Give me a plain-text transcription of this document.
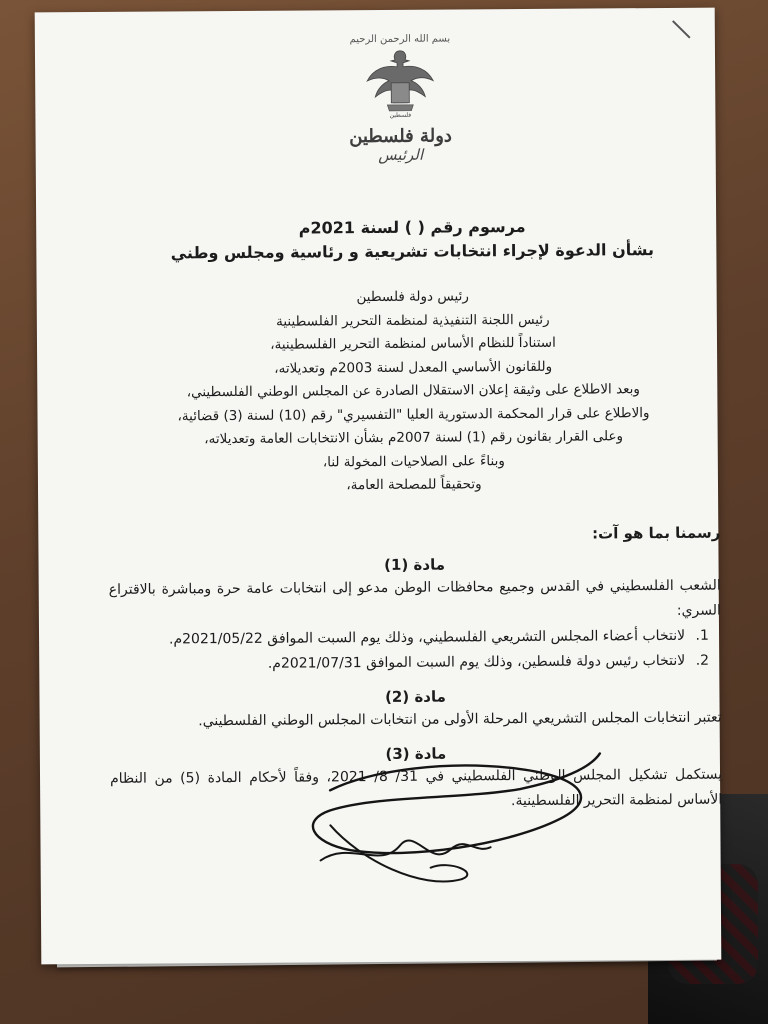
بسم الله الرحمن الرحيم
فلسطين
دولة فلسطين
الرئيس
مرسوم رقم ( ) لسنة 2021م
بشأن الدعوة لإجراء انتخابات تشريعية و رئاسية ومجلس وطني
رئيس دولة فلسطين
رئيس اللجنة التنفيذية لمنظمة التحرير الفلسطينية
استناداً للنظام الأساس لمنظمة التحرير الفلسطينية،
وللقانون الأساسي المعدل لسنة 2003م وتعديلاته،
وبعد الاطلاع على وثيقة إعلان الاستقلال الصادرة عن المجلس الوطني الفلسطيني،
والاطلاع على قرار المحكمة الدستورية العليا "التفسيري" رقم (10) لسنة (3) قضائية،
وعلى القرار بقانون رقم (1) لسنة 2007م بشأن الانتخابات العامة وتعديلاته،
وبناءً على الصلاحيات المخولة لنا،
وتحقيقاً للمصلحة العامة،
رسمنا بما هو آت:
مادة (1)
الشعب الفلسطيني في القدس وجميع محافظات الوطن مدعو إلى انتخابات عامة حرة ومباشرة بالاقتراع السري:
1. لانتخاب أعضاء المجلس التشريعي الفلسطيني، وذلك يوم السبت الموافق 2021/05/22م.
2. لانتخاب رئيس دولة فلسطين، وذلك يوم السبت الموافق 2021/07/31م.
مادة (2)
تعتبر انتخابات المجلس التشريعي المرحلة الأولى من انتخابات المجلس الوطني الفلسطيني.
مادة (3)
يستكمل تشكيل المجلس الوطني الفلسطيني في 31/ 8/ 2021، وفقاً لأحكام المادة (5) من النظام الأساس لمنظمة التحرير الفلسطينية.
